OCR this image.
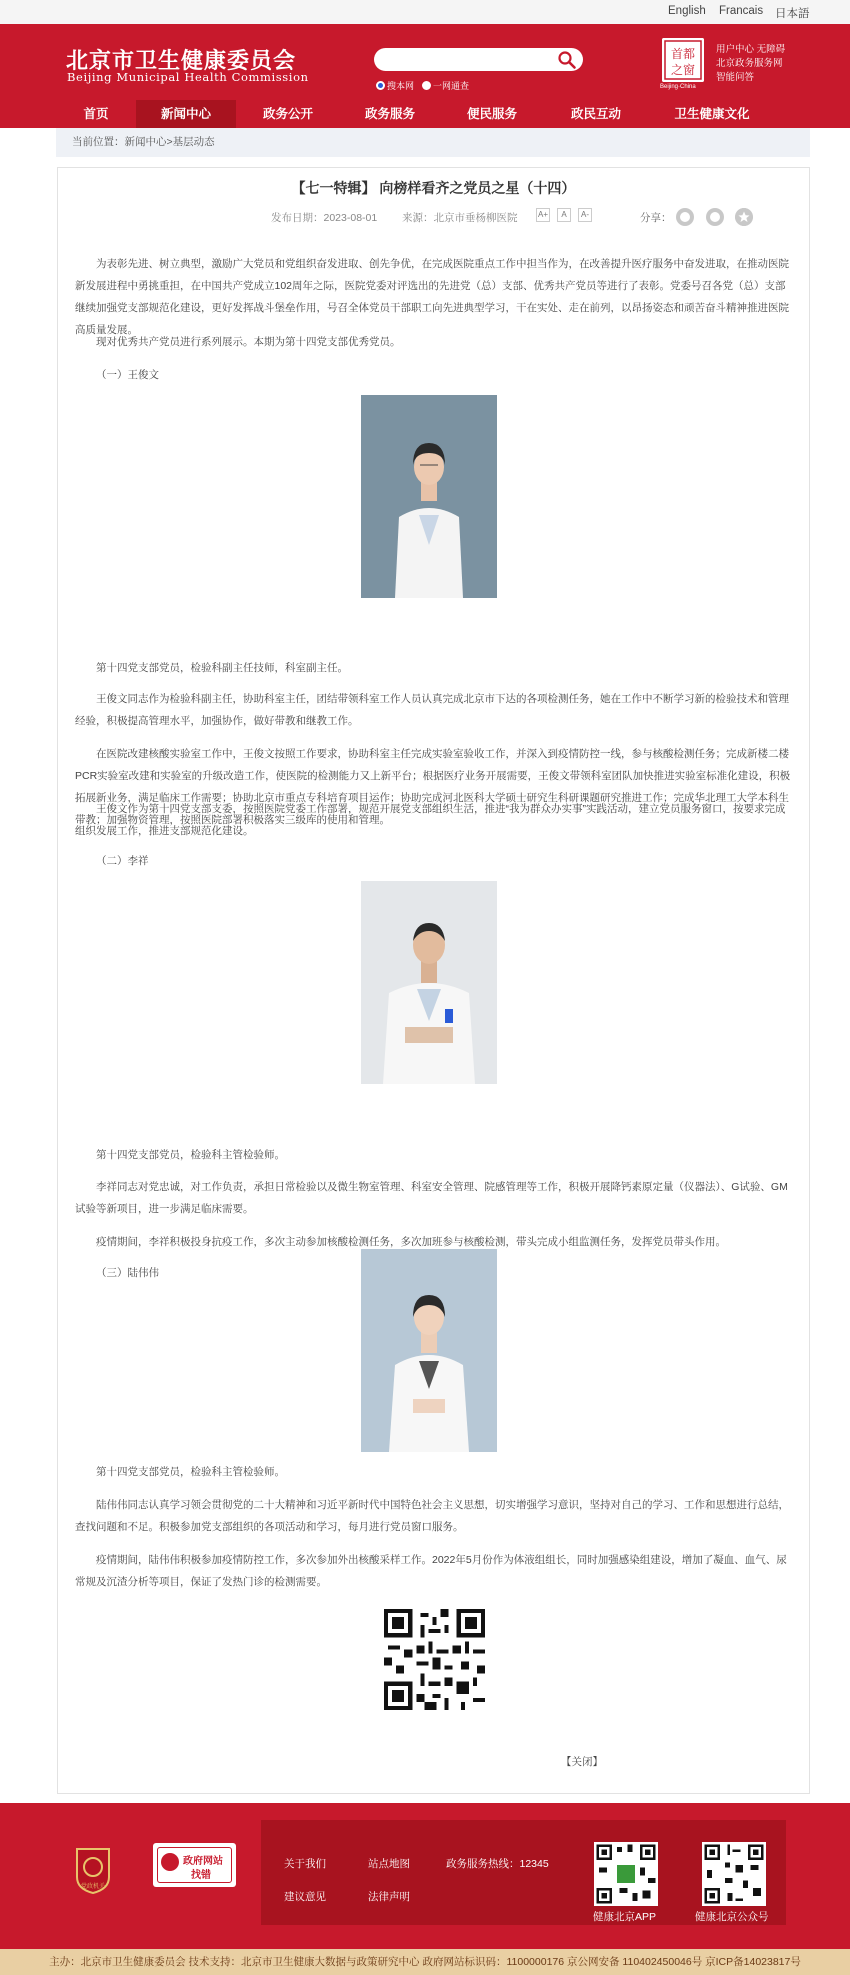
English Francais 日本語
北京市卫生健康委员会
Beijing Municipal Health Commission
搜本网 一网通查
首都
之窗
Beijing·China
用户中心 无障碍
北京政务服务网
智能问答
首页	新闻中心	政务公开	政务服务	便民服务	政民互动	卫生健康文化
当前位置：新闻中心>基层动态
【七一特辑】 向榜样看齐之党员之星（十四）
发布日期：2023-08-01 来源：北京市垂杨柳医院	A+	A	A-	分享：
为表彰先进、树立典型，激励广大党员和党组织奋发进取、创先争优，在完成医院重点工作中担当作为，在改善提升医疗服务中奋发进取，在推动医院新发展进程中勇挑重担，在中国共产党成立102周年之际，医院党委对评选出的先进党（总）支部、优秀共产党员等进行了表彰。党委号召各党（总）支部继续加强党支部规范化建设，更好发挥战斗堡垒作用，号召全体党员干部职工向先进典型学习，干在实处、走在前列，以昂扬姿态和顽苦奋斗精神推进医院高质量发展。
现对优秀共产党员进行系列展示。本期为第十四党支部优秀党员。
（一）王俊文
第十四党支部党员，检验科副主任技师，科室副主任。
王俊文同志作为检验科副主任，协助科室主任，团结带领科室工作人员认真完成北京市下达的各项检测任务，她在工作中不断学习新的检验技术和管理经验，积极提高管理水平，加强协作，做好带教和继教工作。
在医院改建核酸实验室工作中，王俊文按照工作要求，协助科室主任完成实验室验收工作，并深入到疫情防控一线，参与核酸检测任务；完成新楼二楼PCR实验室改建和实验室的升级改造工作，使医院的检测能力又上新平台；根据医疗业务开展需要，王俊文带领科室团队加快推进实验室标准化建设，积极拓展新业务，满足临床工作需要；协助北京市重点专科培育项目运作；协助完成河北医科大学硕士研究生科研课题研究推进工作；完成华北理工大学本科生带教；加强物资管理，按照医院部署积极落实三级库的使用和管理。
王俊文作为第十四党支部支委，按照医院党委工作部署，规范开展党支部组织生活，推进“我为群众办实事”实践活动，建立党员服务窗口，按要求完成组织发展工作，推进支部规范化建设。
（二）李祥
第十四党支部党员，检验科主管检验师。
李祥同志对党忠诚，对工作负责，承担日常检验以及微生物室管理、科室安全管理、院感管理等工作，积极开展降钙素原定量（仪器法）、G试验、GM试验等新项目，进一步满足临床需要。
疫情期间，李祥积极投身抗疫工作，多次主动参加核酸检测任务，多次加班参与核酸检测，带头完成小组监测任务，发挥党员带头作用。
（三）陆伟伟
第十四党支部党员，检验科主管检验师。
陆伟伟同志认真学习领会贯彻党的二十大精神和习近平新时代中国特色社会主义思想，切实增强学习意识，坚持对自己的学习、工作和思想进行总结，查找问题和不足。积极参加党支部组织的各项活动和学习，每月进行党员窗口服务。
疫情期间，陆伟伟积极参加疫情防控工作，多次参加外出核酸采样工作。2022年5月份作为体液组组长，同时加强感染组建设，增加了凝血、血气、尿常规及沉渣分析等项目，保证了发热门诊的检测需要。
【关闭】
党政机关
政府网站
找错
关于我们	站点地图	政务服务热线：12345
建议意见	法律声明
健康北京APP	健康北京公众号
主办：北京市卫生健康委员会 技术支持：北京市卫生健康大数据与政策研究中心 政府网站标识码：1100000176 京公网安备 110402450046号 京ICP备14023817号
